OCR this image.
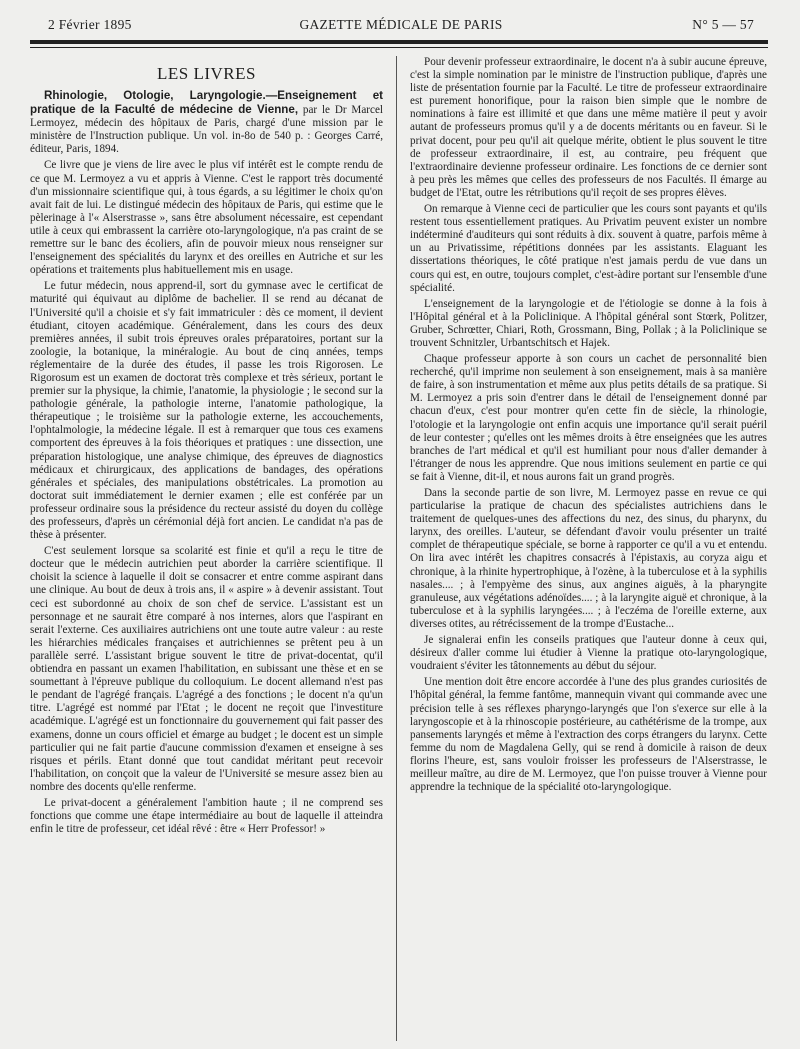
2 Février 1895	GAZETTE MÉDICALE DE PARIS	N° 5 — 57
LES LIVRES

Rhinologie, Otologie, Laryngologie.—Enseignement et pratique de la Faculté de médecine de Vienne, par le Dr Marcel Lermoyez, médecin des hôpitaux de Paris, chargé d'une mission par le ministère de l'Instruction publique. Un vol. in-8o de 540 p. : Georges Carré, éditeur, Paris, 1894.

Ce livre que je viens de lire avec le plus vif intérêt est le compte rendu de ce que M. Lermoyez a vu et appris à Vienne. C'est le rapport très documenté d'un missionnaire scientifique qui, à tous égards, a su légitimer le choix qu'on avait fait de lui. Le distingué médecin des hôpitaux de Paris, qui estime que le pèlerinage à l'« Alserstrasse », sans être absolument nécessaire, est cependant utile à ceux qui embrassent la carrière oto-laryngologique, n'a pas craint de se remettre sur le banc des écoliers, afin de pouvoir mieux nous renseigner sur l'enseignement des spécialités du larynx et des oreilles en Autriche et sur les opérations et traitements plus habituellement mis en usage.

Le futur médecin, nous apprend-il, sort du gymnase avec le certificat de maturité qui équivaut au diplôme de bachelier. Il se rend au décanat de l'Université qu'il a choisie et s'y fait immatriculer : dès ce moment, il devient étudiant, citoyen académique. Généralement, dans les cours des deux premières années, il subit trois épreuves orales préparatoires, portant sur la zoologie, la botanique, la minéralogie. Au bout de cinq années, temps réglementaire de la durée des études, il passe les trois Rigorosen. Le Rigorosum est un examen de doctorat très complexe et très sérieux, portant le premier sur la physique, la chimie, l'anatomie, la physiologie ; le second sur la pathologie générale, la pathologie interne, l'anatomie pathologique, la thérapeutique ; le troisième sur la pathologie externe, les accouchements, l'ophtalmologie, la médecine légale. Il est à remarquer que tous ces examens comportent des épreuves à la fois théoriques et pratiques : une dissection, une préparation histologique, une analyse chimique, des épreuves de diagnostics médicaux et chirurgicaux, des applications de bandages, des opérations générales et spéciales, des manipulations obstétricales. La promotion au doctorat suit immédiatement le dernier examen ; elle est conférée par un professeur ordinaire sous la présidence du recteur assisté du doyen du collège des professeurs, d'après un cérémonial déjà fort ancien. Le candidat n'a pas de thèse à présenter.

C'est seulement lorsque sa scolarité est finie et qu'il a reçu le titre de docteur que le médecin autrichien peut aborder la carrière scientifique. Il choisit la science à laquelle il doit se consacrer et entre comme aspirant dans une clinique. Au bout de deux à trois ans, il « aspire » à devenir assistant. Tout ceci est subordonné au choix de son chef de service. L'assistant est un personnage et ne saurait être comparé à nos internes, alors que l'aspirant en serait l'externe. Ces auxiliaires autrichiens ont une toute autre valeur : au reste les hiérarchies médicales françaises et autrichiennes se prêtent peu à un parallèle serré. L'assistant brigue souvent le titre de privat-docentat, qu'il obtiendra en passant un examen l'habilitation, en subissant une thèse et en se soumettant à l'épreuve publique du colloquium. Le docent allemand n'est pas le pendant de l'agrégé français. L'agrégé a des fonctions ; le docent n'a qu'un titre. L'agrégé est nommé par l'Etat ; le docent ne reçoit que l'investiture académique. L'agrégé est un fonctionnaire du gouvernement qui fait passer des examens, donne un cours officiel et émarge au budget ; le docent est un simple particulier qui ne fait partie d'aucune commission d'examen et enseigne à ses risques et périls. Etant donné que tout candidat méritant peut recevoir l'habilitation, on conçoit que la valeur de l'Université se mesure assez bien au nombre des docents qu'elle renferme.

Le privat-docent a généralement l'ambition haute ; il ne comprend ses fonctions que comme une étape intermédiaire au bout de laquelle il atteindra enfin le titre de professeur, cet idéal rêvé : être « Herr Professor! »

Pour devenir professeur extraordinaire, le docent n'a à subir aucune épreuve, c'est la simple nomination par le ministre de l'instruction publique, d'après une liste de présentation fournie par la Faculté. Le titre de professeur extraordinaire est purement honorifique, pour la raison bien simple que le nombre de nominations à faire est illimité et que dans une même matière il peut y avoir autant de professeurs promus qu'il y a de docents méritants ou en faveur. Si le privat docent, pour peu qu'il ait quelque mérite, obtient le plus souvent le titre de professeur extraordinaire, il est, au contraire, peu fréquent que l'extraordinaire devienne professeur ordinaire. Les fonctions de ce dernier sont à peu près les mêmes que celles des professeurs de nos Facultés. Il émarge au budget de l'Etat, outre les rétributions qu'il reçoit de ses propres élèves.

On remarque à Vienne ceci de particulier que les cours sont payants et qu'ils restent tous essentiellement pratiques. Au Privatim peuvent exister un nombre indéterminé d'auditeurs qui sont réduits à dix. souvent à quatre, parfois même à un au Privatissime, répétitions données par les assistants. Elaguant les dissertations théoriques, le côté pratique n'est jamais perdu de vue dans un cours qui est, en outre, toujours complet, c'est-àdire portant sur l'ensemble d'une spécialité.

L'enseignement de la laryngologie et de l'étiologie se donne à la fois à l'Hôpital général et à la Policlinique. A l'hôpital général sont Stœrk, Politzer, Gruber, Schrœtter, Chiari, Roth, Grossmann, Bing, Pollak ; à la Policlinique se trouvent Schnitzler, Urbantschitsch et Hajek.

Chaque professeur apporte à son cours un cachet de personnalité bien recherché, qu'il imprime non seulement à son enseignement, mais à sa manière de faire, à son instrumentation et même aux plus petits détails de sa pratique. Si M. Lermoyez a pris soin d'entrer dans le détail de l'enseignement donné par chacun d'eux, c'est pour montrer qu'en cette fin de siècle, la rhinologie, l'otologie et la laryngologie ont enfin acquis une importance qu'il serait puéril de leur contester ; qu'elles ont les mêmes droits à être enseignées que les autres branches de l'art médical et qu'il est humiliant pour nous d'aller demander à l'étranger de nous les apprendre. Que nous imitions seulement en partie ce qui se fait à Vienne, dit-il, et nous aurons fait un grand progrès.

Dans la seconde partie de son livre, M. Lermoyez passe en revue ce qui particularise la pratique de chacun des spécialistes autrichiens dans le traitement de quelques-unes des affections du nez, des sinus, du pharynx, du larynx, des oreilles. L'auteur, se défendant d'avoir voulu présenter un traité complet de thérapeutique spéciale, se borne à rapporter ce qu'il a vu et entendu. On lira avec intérêt les chapitres consacrés à l'épistaxis, au coryza aigu et chronique, à la rhinite hypertrophique, à l'ozène, à la tuberculose et à la syphilis nasales.... ; à l'empyème des sinus, aux angines aiguës, à la pharyngite granuleuse, aux végétations adénoïdes.... ; à la laryngite aiguë et chronique, à la tuberculose et à la syphilis laryngées.... ; à l'eczéma de l'oreille externe, aux diverses otites, au rétrécissement de la trompe d'Eustache...

Je signalerai enfin les conseils pratiques que l'auteur donne à ceux qui, désireux d'aller comme lui étudier à Vienne la pratique oto-laryngologique, voudraient s'éviter les tâtonnements au début du séjour.

Une mention doit être encore accordée à l'une des plus grandes curiosités de l'hôpital général, la femme fantôme, mannequin vivant qui commande avec une précision telle à ses réflexes pharyngo-laryngés que l'on s'exerce sur elle à la laryngoscopie et à la rhinoscopie postérieure, au cathétérisme de la trompe, aux pansements laryngés et même à l'extraction des corps étrangers du larynx. Cette femme du nom de Magdalena Gelly, qui se rend à domicile à raison de deux florins l'heure, est, sans vouloir froisser les professeurs de l'Alserstrasse, le meilleur maître, au dire de M. Lermoyez, que l'on puisse trouver à Vienne pour apprendre la technique de la spécialité oto-laryngologique.
